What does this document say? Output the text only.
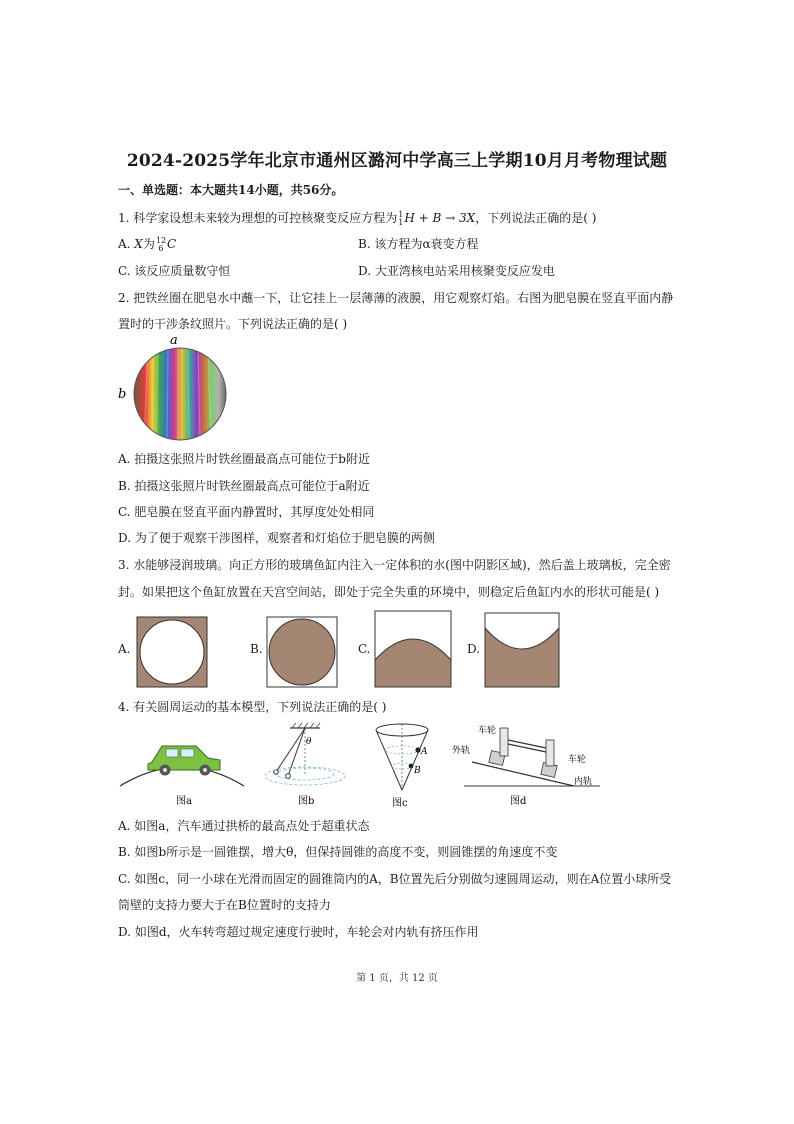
2024-2025学年北京市通州区潞河中学高三上学期10月月考物理试题
一、单选题：本大题共14小题，共56分。
1. 科学家设想未来较为理想的可控核聚变反应方程为 1
1 H + B → 3X，下列说法正确的是( )
A. X为 12
6 C	B. 该方程为α衰变方程
C. 该反应质量数守恒	D. 大亚湾核电站采用核聚变反应发电
2. 把铁丝圈在肥皂水中蘸一下，让它挂上一层薄薄的液膜，用它观察灯焰。右图为肥皂膜在竖直平面内静
置时的干涉条纹照片。下列说法正确的是( )
a
b
A. 拍摄这张照片时铁丝圈最高点可能位于b附近
B. 拍摄这张照片时铁丝圈最高点可能位于a附近
C. 肥皂膜在竖直平面内静置时，其厚度处处相同
D. 为了便于观察干涉图样，观察者和灯焰位于肥皂膜的两侧
3. 水能够浸润玻璃。向正方形的玻璃鱼缸内注入一定体积的水(图中阴影区域)，然后盖上玻璃板，完全密
封。如果把这个鱼缸放置在天宫空间站，即处于完全失重的环境中，则稳定后鱼缸内水的形状可能是( )
A.	B.	C.	D.
4. 有关圆周运动的基本模型，下列说法正确的是( )
图a
θ
图b
A
B
图c
车轮
外轨
车轮
内轨
图d
A. 如图a，汽车通过拱桥的最高点处于超重状态
B. 如图b所示是一圆锥摆，增大θ，但保持圆锥的高度不变，则圆锥摆的角速度不变
C. 如图c，同一小球在光滑而固定的圆锥筒内的A，B位置先后分别做匀速圆周运动，则在A位置小球所受
筒壁的支持力要大于在B位置时的支持力
D. 如图d，火车转弯超过规定速度行驶时，车轮会对内轨有挤压作用
第 1 页，共 12 页
